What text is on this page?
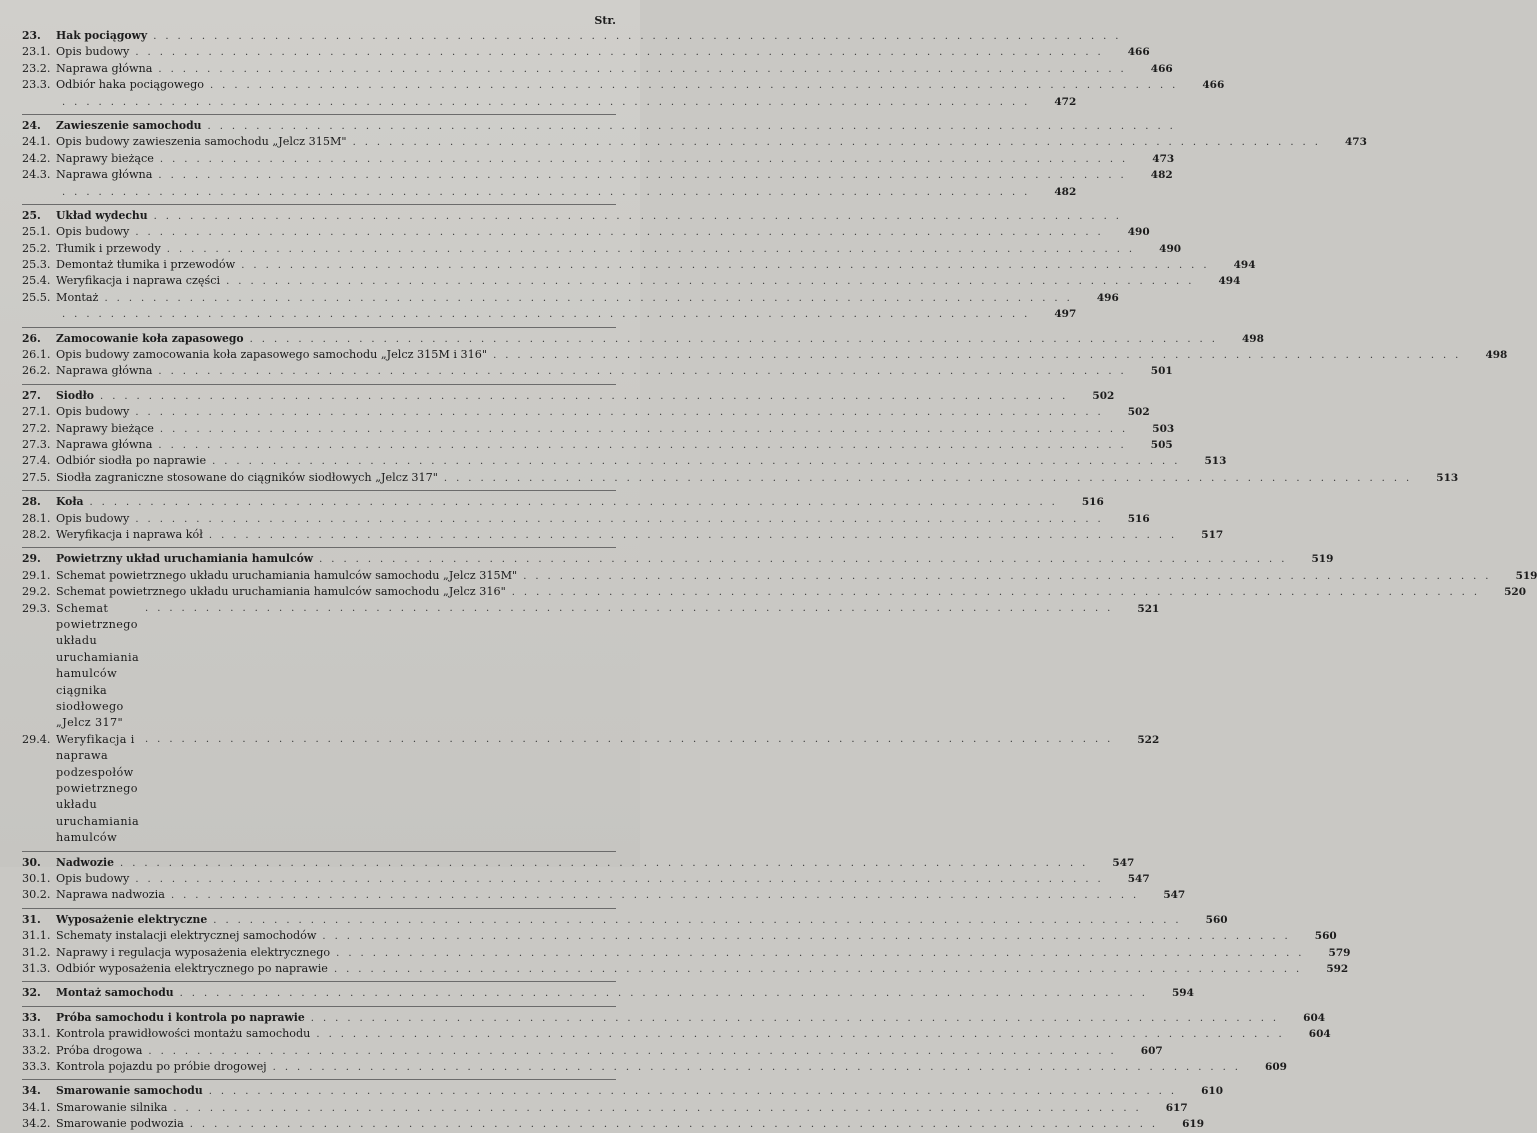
Str.
23.	Hak pociągowy ................................................................................
23.1. Opis budowy ................................................................................	466
23.2. Naprawa główna ................................................................................	466
23.3. Odbiór haka pociągowego ................................................................................	466
................................................................................	472
24.	Zawieszenie samochodu ................................................................................
24.1. Opis budowy zawieszenia samochodu „Jelcz 315M" ................................................................................	473
24.2. Naprawy bieżące ................................................................................	473
24.3. Naprawa główna ................................................................................	482
................................................................................	482
25.	Układ wydechu ................................................................................
25.1. Opis budowy ................................................................................	490
25.2. Tłumik i przewody ................................................................................	490
25.3. Demontaż tłumika i przewodów ................................................................................	494
25.4. Weryfikacja i naprawa części ................................................................................	494
25.5. Montaż ................................................................................	496
................................................................................	497
26.	Zamocowanie koła zapasowego ................................................................................	498
26.1. Opis budowy zamocowania koła zapasowego samochodu „Jelcz 315M i 316" ................................................................................	498
26.2. Naprawa główna ................................................................................	501
27.	Siodło ................................................................................	502
27.1. Opis budowy ................................................................................	502
27.2. Naprawy bieżące ................................................................................	503
27.3. Naprawa główna ................................................................................	505
27.4. Odbiór siodła po naprawie ................................................................................	513
27.5. Siodła zagraniczne stosowane do ciągników siodłowych „Jelcz 317" ................................................................................	513
28.	Koła ................................................................................	516
28.1. Opis budowy ................................................................................	516
28.2. Weryfikacja i naprawa kół ................................................................................	517
29.	Powietrzny układ uruchamiania hamulców ................................................................................	519
29.1. Schemat powietrznego układu uruchamiania hamulców samochodu „Jelcz 315M" ................................................................................	519
29.2. Schemat powietrznego układu uruchamiania hamulców samochodu „Jelcz 316" ................................................................................	520
29.3. Schemat powietrznego układu uruchamiania hamulców ciągnika siodłowego „Jelcz 317"
................................................................................	521
29.4. Weryfikacja i naprawa podzespołów powietrznego układu uruchamiania hamulców
................................................................................	522
30.	Nadwozie ................................................................................	547
30.1. Opis budowy ................................................................................	547
30.2. Naprawa nadwozia ................................................................................	547
31.	Wyposażenie elektryczne ................................................................................	560
31.1. Schematy instalacji elektrycznej samochodów ................................................................................	560
31.2. Naprawy i regulacja wyposażenia elektrycznego ................................................................................	579
31.3. Odbiór wyposażenia elektrycznego po naprawie ................................................................................	592
32.	Montaż samochodu ................................................................................	594
33.	Próba samochodu i kontrola po naprawie ................................................................................	604
33.1. Kontrola prawidłowości montażu samochodu ................................................................................	604
33.2. Próba drogowa ................................................................................	607
33.3. Kontrola pojazdu po próbie drogowej ................................................................................	609
34.	Smarowanie samochodu ................................................................................	610
34.1. Smarowanie silnika ................................................................................	617
34.2. Smarowanie podwozia ................................................................................	619
